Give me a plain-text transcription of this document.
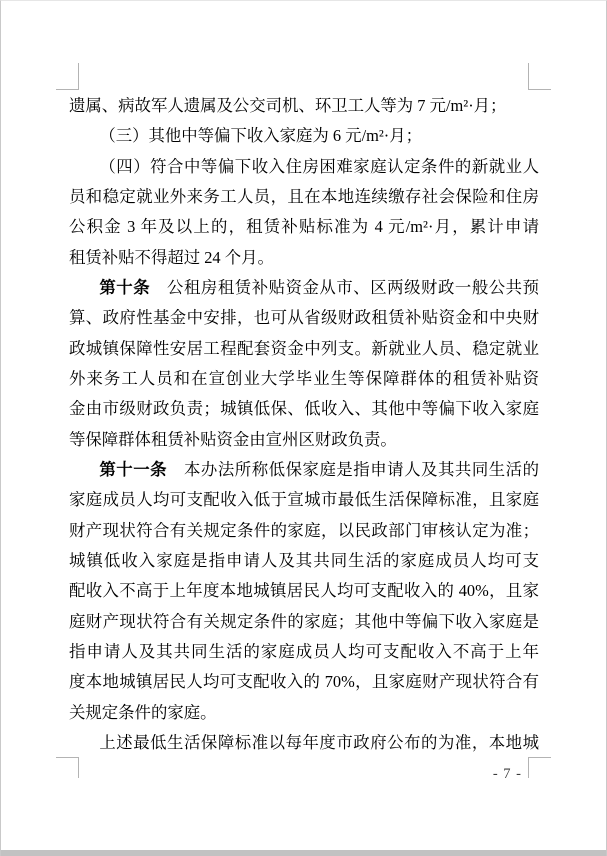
遗属、病故军人遗属及公交司机、环卫工人等为 7 元/m²·月；
（三）其他中等偏下收入家庭为 6 元/m²·月；
（四）符合中等偏下收入住房困难家庭认定条件的新就业人
员和稳定就业外来务工人员，且在本地连续缴存社会保险和住房
公积金 3 年及以上的，租赁补贴标准为 4 元/m²·月，累计申请
租赁补贴不得超过 24 个月。
第十条　公租房租赁补贴资金从市、区两级财政一般公共预
算、政府性基金中安排，也可从省级财政租赁补贴资金和中央财
政城镇保障性安居工程配套资金中列支。新就业人员、稳定就业
外来务工人员和在宣创业大学毕业生等保障群体的租赁补贴资
金由市级财政负责；城镇低保、低收入、其他中等偏下收入家庭
等保障群体租赁补贴资金由宣州区财政负责。
第十一条　本办法所称低保家庭是指申请人及其共同生活的
家庭成员人均可支配收入低于宣城市最低生活保障标准，且家庭
财产现状符合有关规定条件的家庭，以民政部门审核认定为准；
城镇低收入家庭是指申请人及其共同生活的家庭成员人均可支
配收入不高于上年度本地城镇居民人均可支配收入的 40%，且家
庭财产现状符合有关规定条件的家庭；其他中等偏下收入家庭是
指申请人及其共同生活的家庭成员人均可支配收入不高于上年
度本地城镇居民人均可支配收入的 70%，且家庭财产现状符合有
关规定条件的家庭。
上述最低生活保障标准以每年度市政府公布的为准，本地城
- 7 -
